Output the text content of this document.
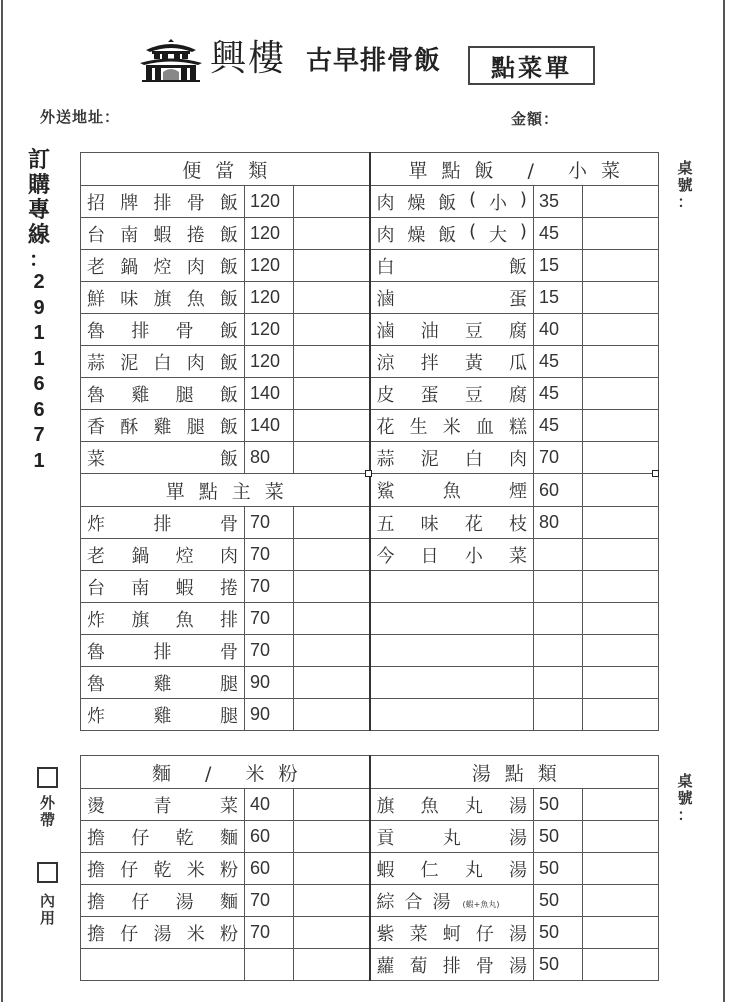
興樓 古早排骨飯	點菜單
外送地址：	金額：
訂
購
專
線
：
2
9
1
1
6
6
7
1
桌
號
：
桌
號
：
外
帶
內
用
便當類			單點飯 / 小菜		

招 牌 排 骨 飯	120		肉 燥 飯 ( 小 )	35	

台 南 蝦 捲 飯	120		肉 燥 飯 ( 大 )	45	

老 鍋 焢 肉 飯	120		白 飯	15	

鮮 味 旗 魚 飯	120		滷 蛋	15	

魯 排 骨 飯	120		滷 油 豆 腐	40	

蒜 泥 白 肉 飯	120		涼 拌 黃 瓜	45	

魯 雞 腿 飯	140		皮 蛋 豆 腐	45	

香 酥 雞 腿 飯	140		花 生 米 血 糕	45	

菜 飯	80		蒜 泥 白 肉	70	
單點主菜			鯊 魚 煙	60	

炸 排 骨	70		五 味 花 枝	80	

老 鍋 焢 肉	70		今 日 小 菜		

台 南 蝦 捲	70				

炸 旗 魚 排	70				

魯 排 骨	70				

魯 雞 腿	90				

炸 雞 腿	90				
麵 / 米粉			湯點類		

燙 青 菜	40		旗 魚 丸 湯	50	

擔 仔 乾 麵	60		貢 丸 湯	50	

擔 仔 乾 米 粉	60		蝦 仁 丸 湯	50	

擔 仔 湯 麵	70		綜 合 湯 (蝦+魚丸)	50	

擔 仔 湯 米 粉	70		紫 菜 蚵 仔 湯	50	

			蘿 蔔 排 骨 湯	50	
